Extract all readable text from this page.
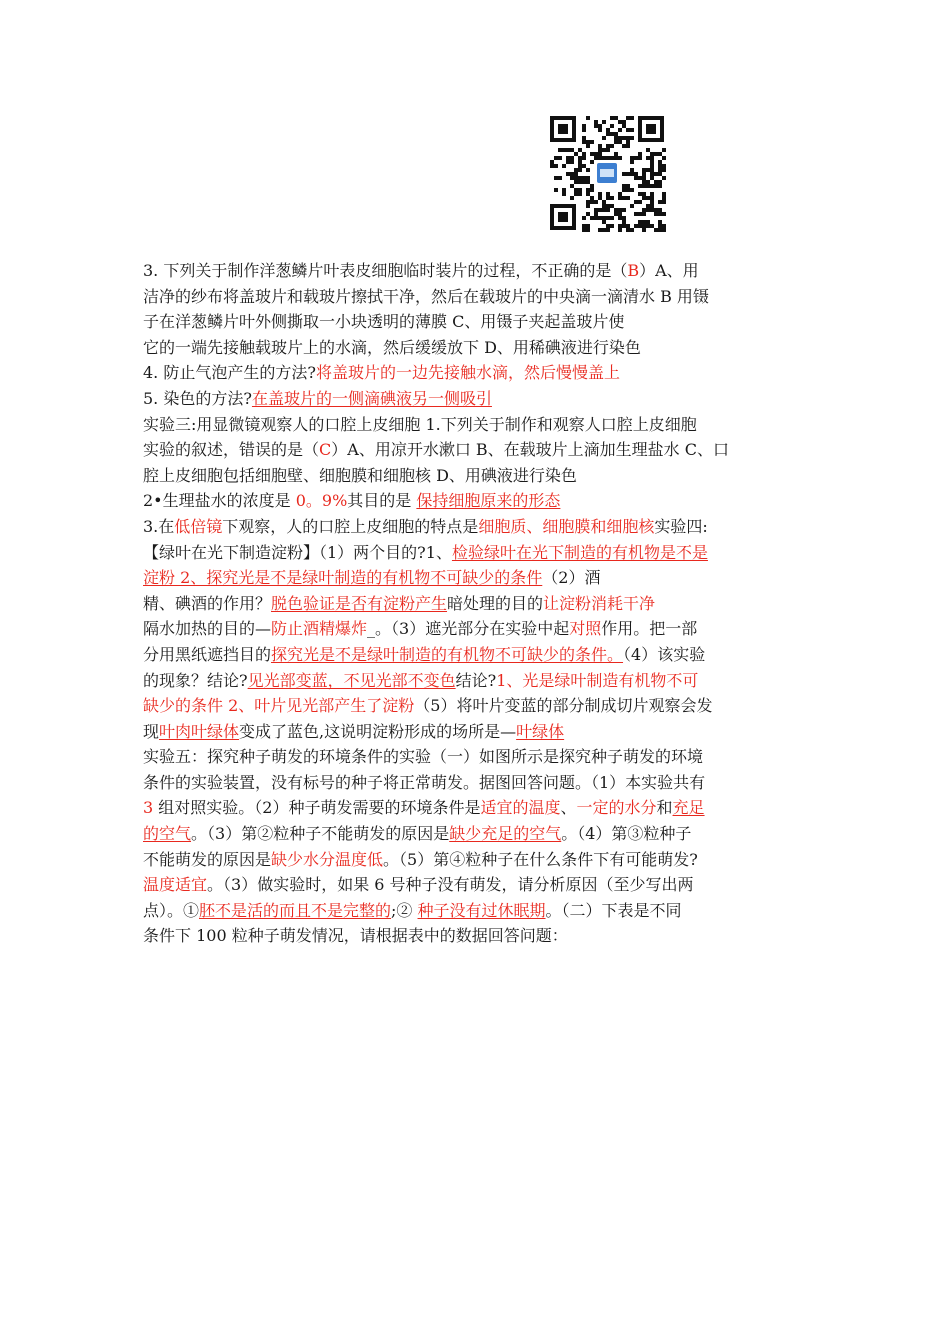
3. 下列关于制作洋葱鳞片叶表皮细胞临时装片的过程，不正确的是（B）A、用
洁净的纱布将盖玻片和载玻片擦拭干净，然后在载玻片的中央滴一滴清水 B 用镊
子在洋葱鳞片叶外侧撕取一小块透明的薄膜 C、用镊子夹起盖玻片使
它的一端先接触载玻片上的水滴，然后缓缓放下 D、用稀碘液进行染色
4. 防止气泡产生的方法?将盖玻片的一边先接触水滴，然后慢慢盖上
5. 染色的方法?在盖玻片的一侧滴碘液另一侧吸引
实验三:用显微镜观察人的口腔上皮细胞 1.下列关于制作和观察人口腔上皮细胞
实验的叙述，错误的是（C）A、用凉开水漱口 B、在载玻片上滴加生理盐水 C、口
腔上皮细胞包括细胞壁、细胞膜和细胞核 D、用碘液进行染色
2•生理盐水的浓度是 0。9%其目的是 保持细胞原来的形态
3.在低倍镜下观察，人的口腔上皮细胞的特点是细胞质、细胞膜和细胞核实验四:
【绿叶在光下制造淀粉】（1）两个目的?1、检验绿叶在光下制造的有机物是不是
淀粉 2、探究光是不是绿叶制造的有机物不可缺少的条件（2）酒
精、碘酒的作用？脱色验证是否有淀粉产生暗处理的目的让淀粉消耗干净
隔水加热的目的—防止酒精爆炸_。（3）遮光部分在实验中起对照作用。把一部
分用黑纸遮挡目的探究光是不是绿叶制造的有机物不可缺少的条件。（4）该实验
的现象？结论?见光部变蓝，不见光部不变色结论?1、光是绿叶制造有机物不可
缺少的条件 2、叶片见光部产生了淀粉（5）将叶片变蓝的部分制成切片观察会发
现叶肉叶绿体变成了蓝色,这说明淀粉形成的场所是—叶绿体
实验五：探究种子萌发的环境条件的实验（一）如图所示是探究种子萌发的环境
条件的实验装置，没有标号的种子将正常萌发。据图回答问题。（1）本实验共有
3 组对照实验。（2）种子萌发需要的环境条件是适宜的温度、一定的水分和充足
的空气。（3）第②粒种子不能萌发的原因是缺少充足的空气。（4）第③粒种子
不能萌发的原因是缺少水分温度低。（5）第④粒种子在什么条件下有可能萌发?
温度适宜。（3）做实验时，如果 6 号种子没有萌发，请分析原因（至少写出两
点）。①胚不是活的而且不是完整的;② 种子没有过休眠期。（二）下表是不同
条件下 100 粒种子萌发情况，请根据表中的数据回答问题：
